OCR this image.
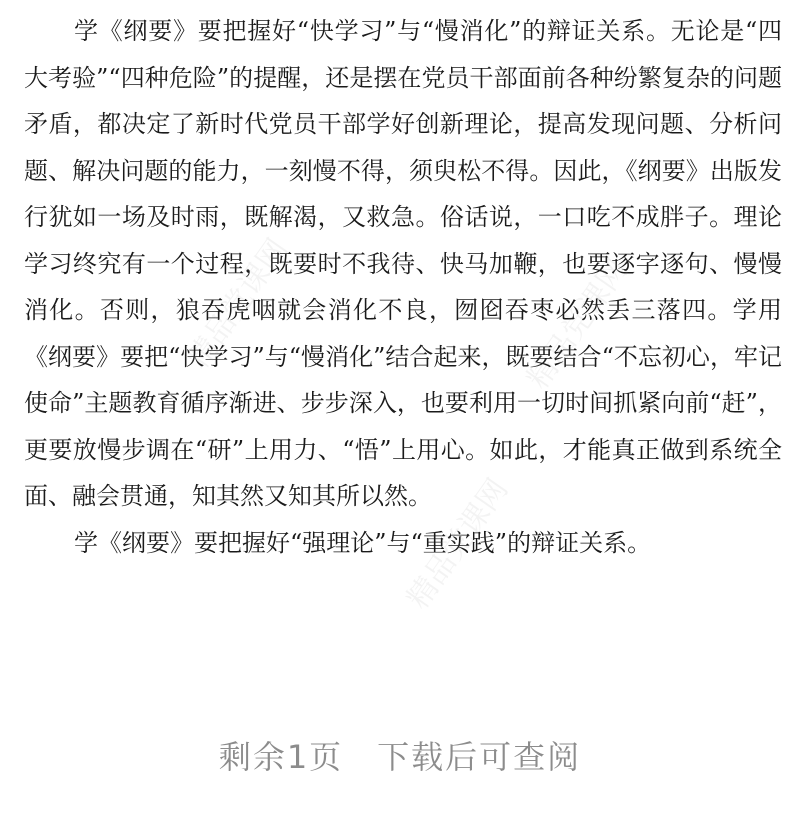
学《纲要》要把握好“快学习”与“慢消化”的辩证关系。无论是“四大考验”“四种危险”的提醒，还是摆在党员干部面前各种纷繁复杂的问题矛盾，都决定了新时代党员干部学好创新理论，提高发现问题、分析问题、解决问题的能力，一刻慢不得，须臾松不得。因此，《纲要》出版发行犹如一场及时雨，既解渴，又救急。俗话说，一口吃不成胖子。理论学习终究有一个过程，既要时不我待、快马加鞭，也要逐字逐句、慢慢消化。否则，狼吞虎咽就会消化不良，囫囵吞枣必然丢三落四。学用《纲要》要把“快学习”与“慢消化”结合起来，既要结合“不忘初心，牢记使命”主题教育循序渐进、步步深入，也要利用一切时间抓紧向前“赶”，更要放慢步调在“研”上用力、“悟”上用心。如此，才能真正做到系统全面、融会贯通，知其然又知其所以然。

学《纲要》要把握好“强理论”与“重实践”的辩证关系。

精品党课网	精品党课网
精品党课网
剩余1页　下载后可查阅
